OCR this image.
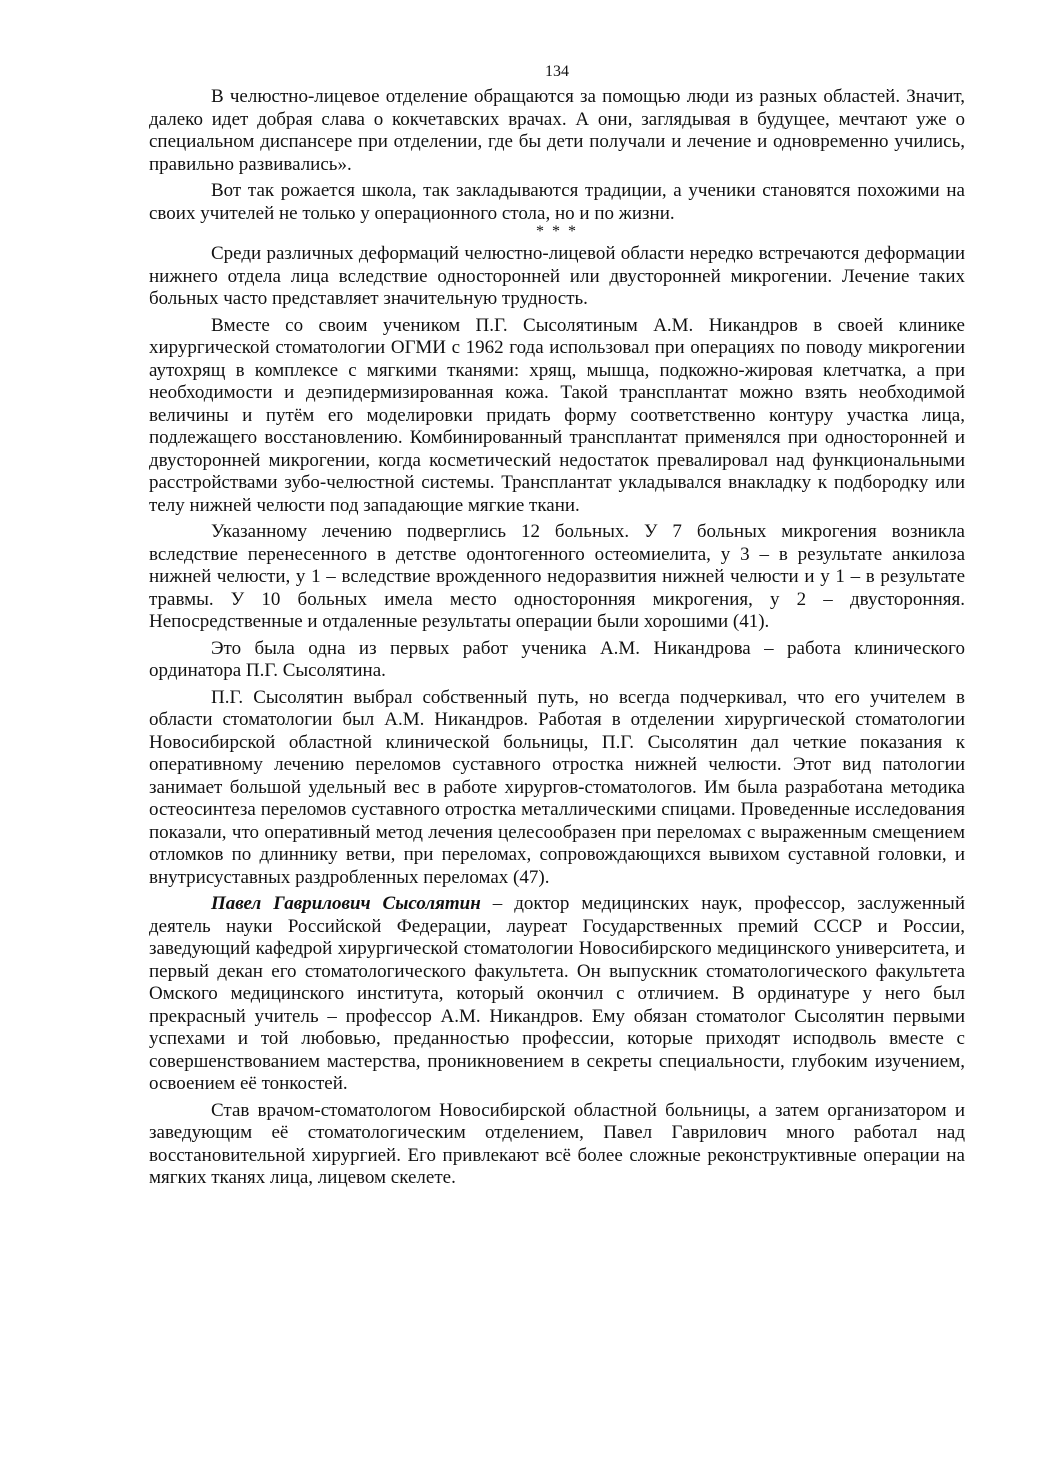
134

В челюстно-лицевое отделение обращаются за помощью люди из разных областей. Значит, далеко идет добрая слава о кокчетавских врачах. А они, заглядывая в будущее, мечтают уже о специальном диспансере при отделении, где бы дети получали и лечение и одновременно учились, правильно развивались».

Вот так рожается школа, так закладываются традиции, а ученики становятся похожими на своих учителей не только у операционного стола, но и по жизни.

* * *

Среди различных деформаций челюстно-лицевой области нередко встречаются деформации нижнего отдела лица вследствие односторонней или двусторонней микрогении. Лечение таких больных часто представляет значительную трудность.

Вместе со своим учеником П.Г. Сысолятиным А.М. Никандров в своей клинике хирургической стоматологии ОГМИ с 1962 года использовал при операциях по поводу микрогении аутохрящ в комплексе с мягкими тканями: хрящ, мышца, подкожно-жировая клетчатка, а при необходимости и деэпидермизированная кожа. Такой трансплантат можно взять необходимой величины и путём его моделировки придать форму соответственно контуру участка лица, подлежащего восстановлению. Комбинированный трансплантат применялся при односторонней и двусторонней микрогении, когда косметический недостаток превалировал над функциональными расстройствами зубо-челюстной системы. Трансплантат укладывался внакладку к подбородку или телу нижней челюсти под западающие мягкие ткани.

Указанному лечению подверглись 12 больных. У 7 больных микрогения возникла вследствие перенесенного в детстве одонтогенного остеомиелита, у 3 – в результате анкилоза нижней челюсти, у 1 – вследствие врожденного недоразвития нижней челюсти и у 1 – в результате травмы. У 10 больных имела место односторонняя микрогения, у 2 – двусторонняя. Непосредственные и отдаленные результаты операции были хорошими (41).

Это была одна из первых работ ученика А.М. Никандрова – работа клинического ординатора П.Г. Сысолятина.

П.Г. Сысолятин выбрал собственный путь, но всегда подчеркивал, что его учителем в области стоматологии был А.М. Никандров. Работая в отделении хирургической стоматологии Новосибирской областной клинической больницы, П.Г. Сысолятин дал четкие показания к оперативному лечению переломов суставного отростка нижней челюсти. Этот вид патологии занимает большой удельный вес в работе хирургов-стоматологов. Им была разработана методика остеосинтеза переломов суставного отростка металлическими спицами. Проведенные исследования показали, что оперативный метод лечения целесообразен при переломах с выраженным смещением отломков по длиннику ветви, при переломах, сопровождающихся вывихом суставной головки, и внутрисуставных раздробленных переломах (47).

Павел Гаврилович Сысолятин – доктор медицинских наук, профессор, заслуженный деятель науки Российской Федерации, лауреат Государственных премий СССР и России, заведующий кафедрой хирургической стоматологии Новосибирского медицинского университета, и первый декан его стоматологического факультета. Он выпускник стоматологического факультета Омского медицинского института, который окончил с отличием. В ординатуре у него был прекрасный учитель – профессор А.М. Никандров. Ему обязан стоматолог Сысолятин первыми успехами и той любовью, преданностью профессии, которые приходят исподволь вместе с совершенствованием мастерства, проникновением в секреты специальности, глубоким изучением, освоением её тонкостей.

Став врачом-стоматологом Новосибирской областной больницы, а затем организатором и заведующим её стоматологическим отделением, Павел Гаврилович много работал над восстановительной хирургией. Его привлекают всё более сложные реконструктивные операции на мягких тканях лица, лицевом скелете.
